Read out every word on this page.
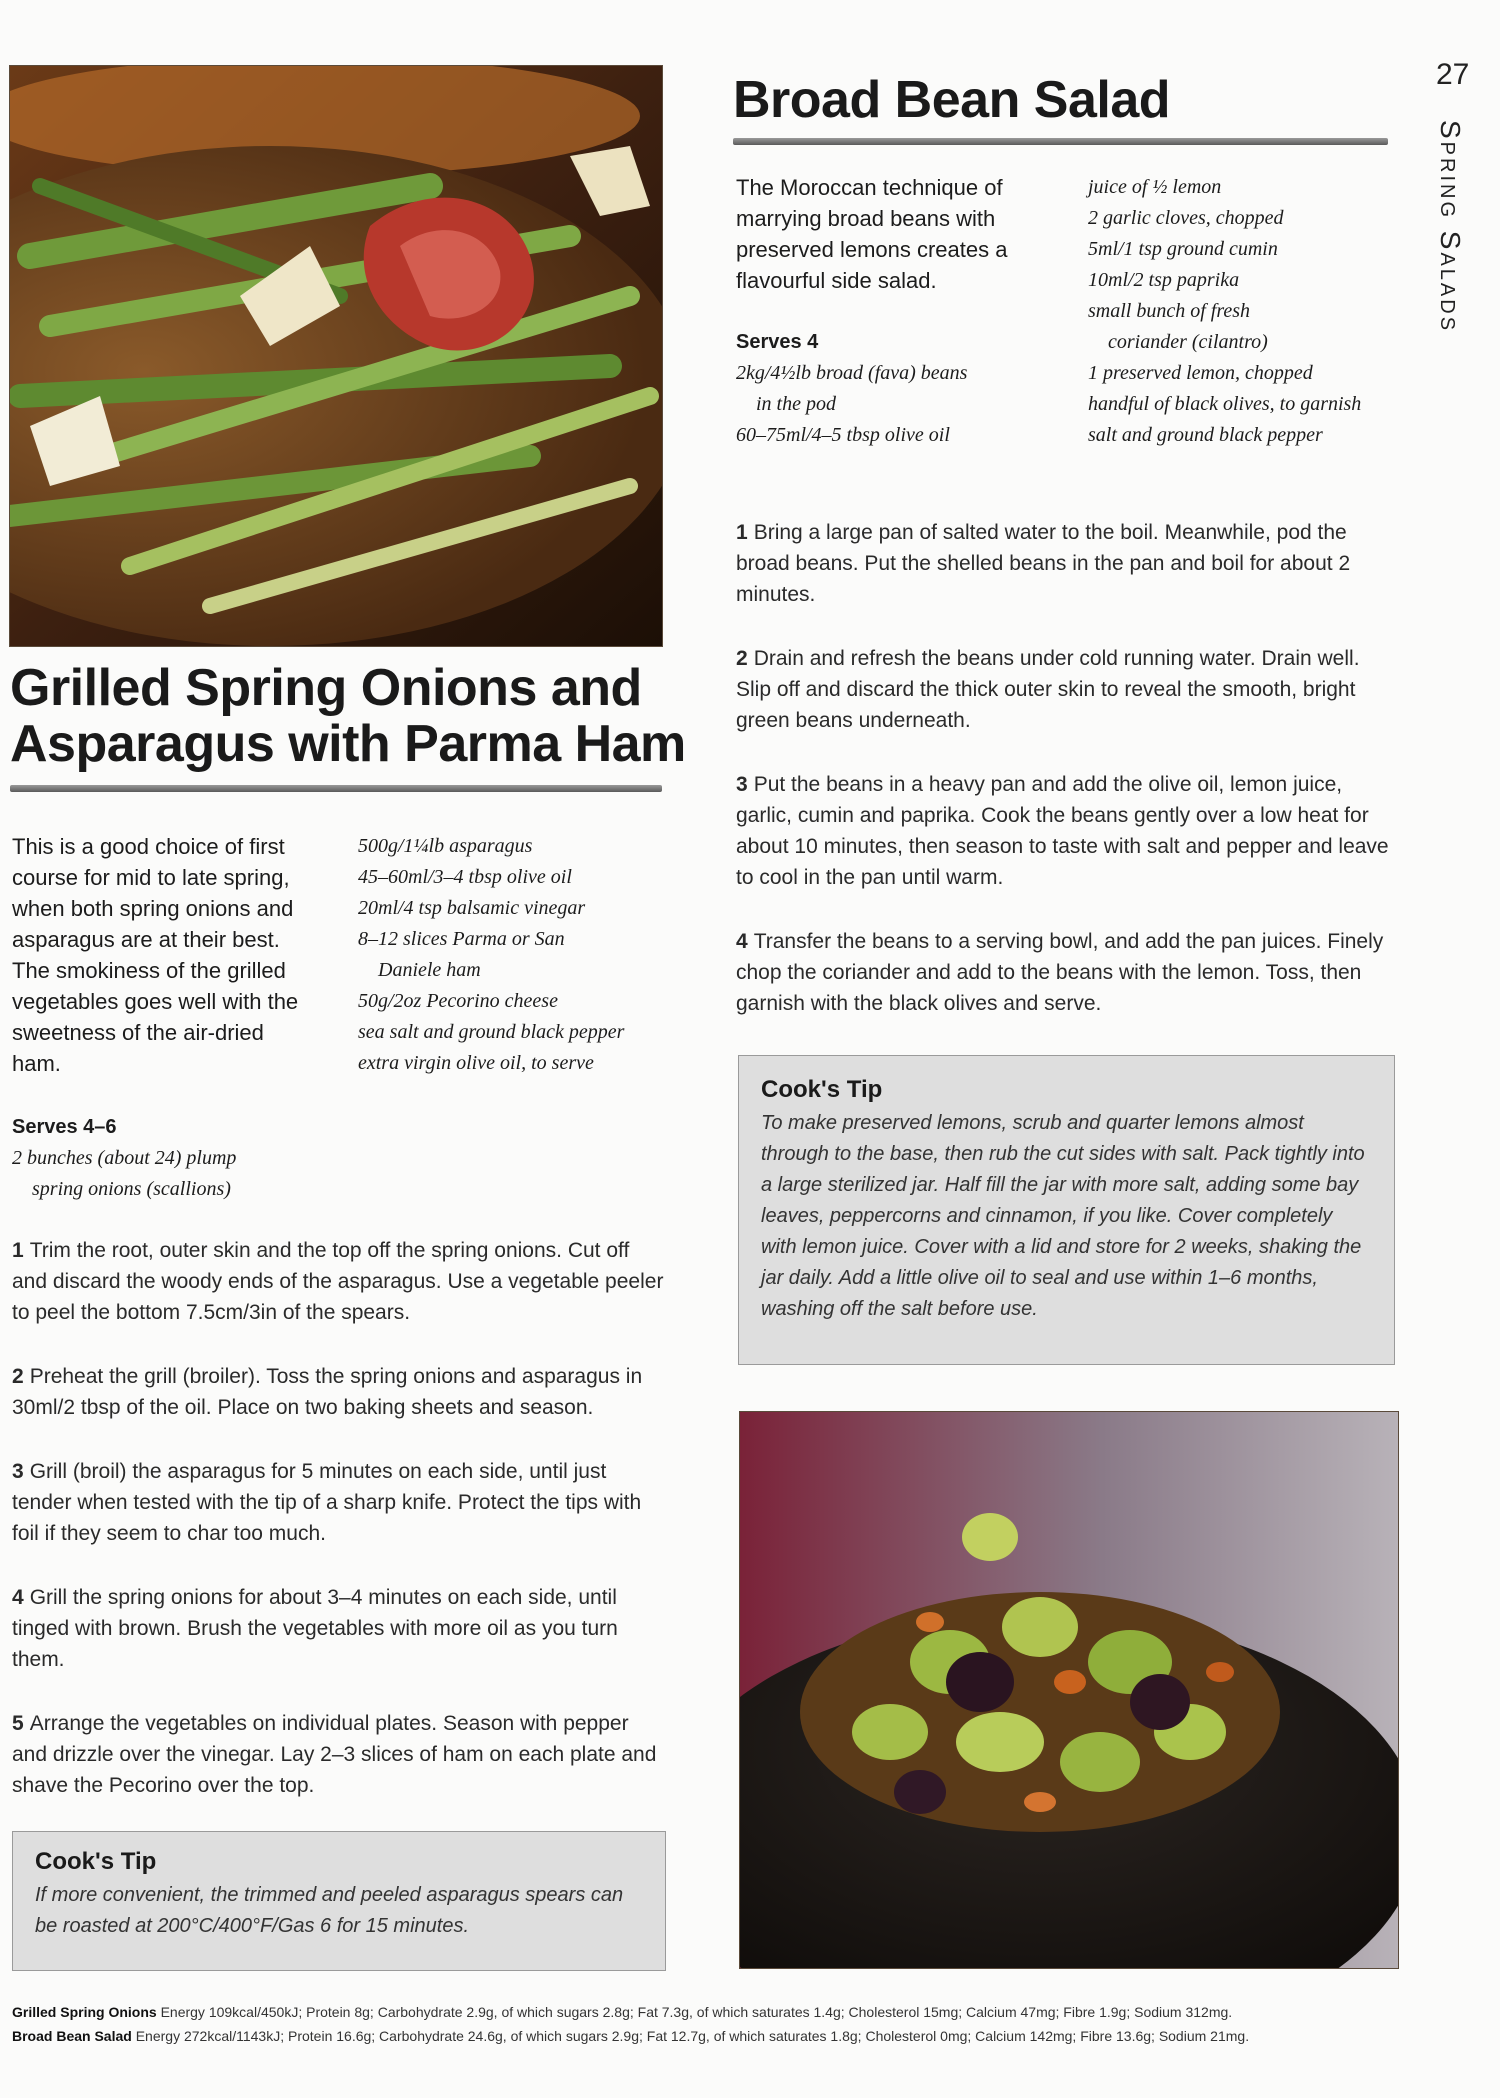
27
Spring Salads
Grilled Spring Onions and
Asparagus with Parma Ham
This is a good choice of first course for mid to late spring, when both spring onions and asparagus are at their best. The smokiness of the grilled vegetables goes well with the sweetness of the air-dried ham.
500g/1¼lb asparagus
45–60ml/3–4 tbsp olive oil
20ml/4 tsp balsamic vinegar
8–12 slices Parma or San
Daniele ham
50g/2oz Pecorino cheese
sea salt and ground black pepper
extra virgin olive oil, to serve
Serves 4–6

2 bunches (about 24) plump
spring onions (scallions)

1 Trim the root, outer skin and the top off the spring onions. Cut off and discard the woody ends of the asparagus. Use a vegetable peeler to peel the bottom 7.5cm/3in of the spears.

2 Preheat the grill (broiler). Toss the spring onions and asparagus in 30ml/2 tbsp of the oil. Place on two baking sheets and season.

3 Grill (broil) the asparagus for 5 minutes on each side, until just tender when tested with the tip of a sharp knife. Protect the tips with foil if they seem to char too much.

4 Grill the spring onions for about 3–4 minutes on each side, until tinged with brown. Brush the vegetables with more oil as you turn them.

5 Arrange the vegetables on individual plates. Season with pepper and drizzle over the vinegar. Lay 2–3 slices of ham on each plate and shave the Pecorino over the top.

Cook's Tip

If more convenient, the trimmed and peeled asparagus spears can be roasted at 200°C/400°F/Gas 6 for 15 minutes.

Broad Bean Salad
The Moroccan technique of marrying broad beans with preserved lemons creates a flavourful side salad.
Serves 4

2kg/4½lb broad (fava) beans
in the pod
60–75ml/4–5 tbsp olive oil
juice of ½ lemon
2 garlic cloves, chopped
5ml/1 tsp ground cumin
10ml/2 tsp paprika
small bunch of fresh
coriander (cilantro)
1 preserved lemon, chopped
handful of black olives, to garnish
salt and ground black pepper

1 Bring a large pan of salted water to the boil. Meanwhile, pod the broad beans. Put the shelled beans in the pan and boil for about 2 minutes.

2 Drain and refresh the beans under cold running water. Drain well. Slip off and discard the thick outer skin to reveal the smooth, bright green beans underneath.

3 Put the beans in a heavy pan and add the olive oil, lemon juice, garlic, cumin and paprika. Cook the beans gently over a low heat for about 10 minutes, then season to taste with salt and pepper and leave to cool in the pan until warm.

4 Transfer the beans to a serving bowl, and add the pan juices. Finely chop the coriander and add to the beans with the lemon. Toss, then garnish with the black olives and serve.

Cook's Tip

To make preserved lemons, scrub and quarter lemons almost through to the base, then rub the cut sides with salt. Pack tightly into a large sterilized jar. Half fill the jar with more salt, adding some bay leaves, peppercorns and cinnamon, if you like. Cover completely with lemon juice. Cover with a lid and store for 2 weeks, shaking the jar daily. Add a little olive oil to seal and use within 1–6 months, washing off the salt before use.

Grilled Spring Onions Energy 109kcal/450kJ; Protein 8g; Carbohydrate 2.9g, of which sugars 2.8g; Fat 7.3g, of which saturates 1.4g; Cholesterol 15mg; Calcium 47mg; Fibre 1.9g; Sodium 312mg.
Broad Bean Salad Energy 272kcal/1143kJ; Protein 16.6g; Carbohydrate 24.6g, of which sugars 2.9g; Fat 12.7g, of which saturates 1.8g; Cholesterol 0mg; Calcium 142mg; Fibre 13.6g; Sodium 21mg.
